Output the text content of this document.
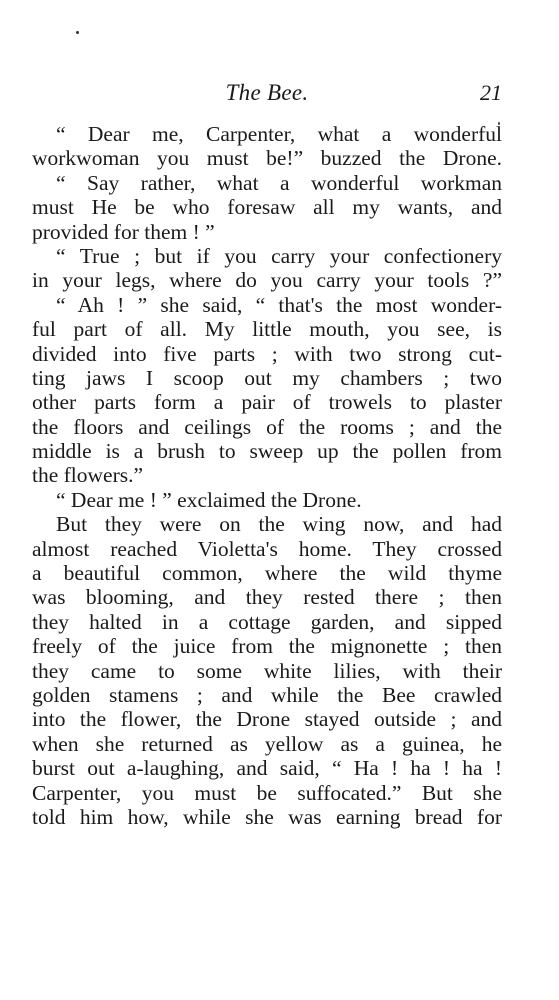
The Bee.	21
“ Dear me, Carpenter, what a wonderful
workwoman you must be!” buzzed the Drone.
“ Say rather, what a wonderful workman
must He be who foresaw all my wants, and
provided for them ! ”
“ True ; but if you carry your confectionery
in your legs, where do you carry your tools ?”
“ Ah ! ” she said, “ that's the most wonder-
ful part of all. My little mouth, you see, is
divided into five parts ; with two strong cut-
ting jaws I scoop out my chambers ; two
other parts form a pair of trowels to plaster
the floors and ceilings of the rooms ; and the
middle is a brush to sweep up the pollen from
the flowers.”
“ Dear me ! ” exclaimed the Drone.
But they were on the wing now, and had
almost reached Violetta's home. They crossed
a beautiful common, where the wild thyme
was blooming, and they rested there ; then
they halted in a cottage garden, and sipped
freely of the juice from the mignonette ; then
they came to some white lilies, with their
golden stamens ; and while the Bee crawled
into the flower, the Drone stayed outside ; and
when she returned as yellow as a guinea, he
burst out a-laughing, and said, “ Ha ! ha ! ha !
Carpenter, you must be suffocated.” But she
told him how, while she was earning bread for
